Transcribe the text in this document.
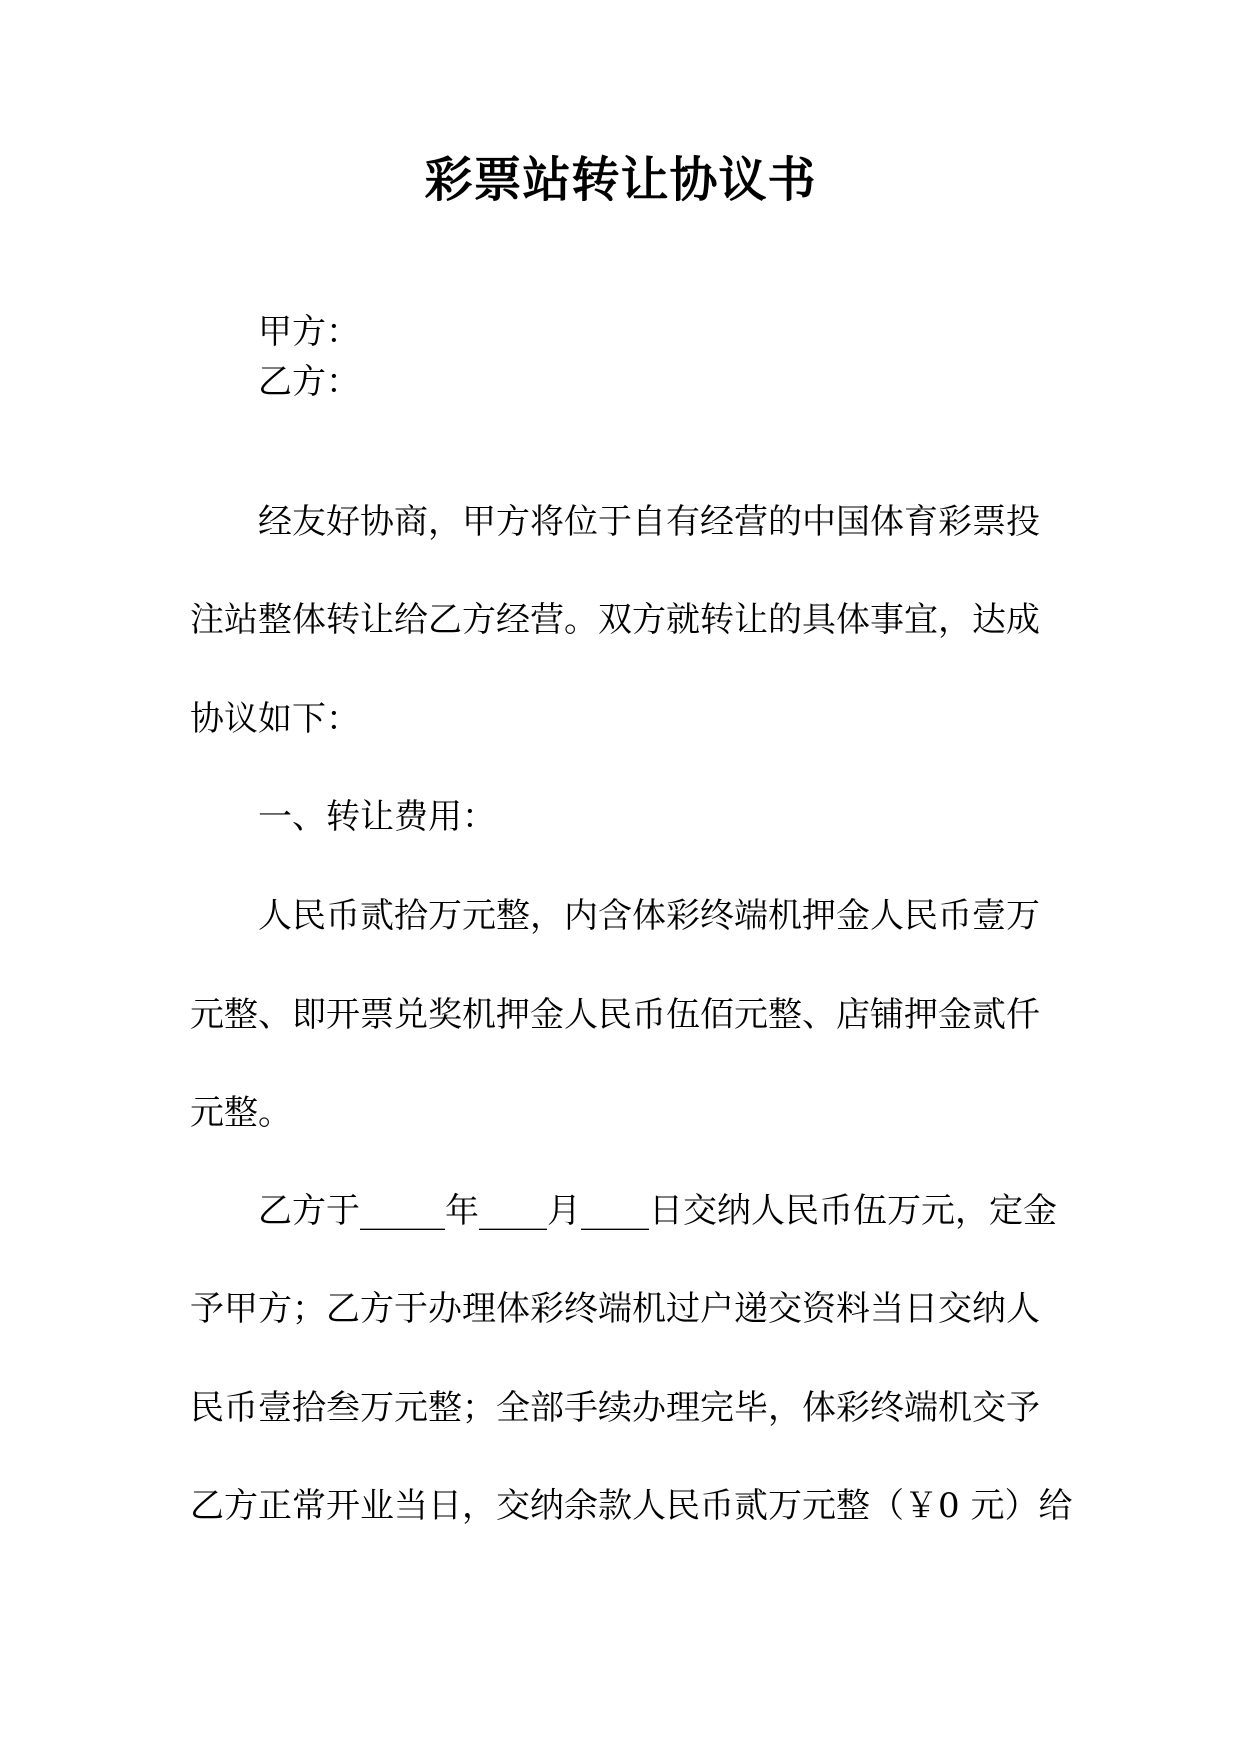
彩票站转让协议书
甲方：
乙方：
经友好协商，甲方将位于自有经营的中国体育彩票投
注站整体转让给乙方经营。双方就转让的具体事宜，达成
协议如下：
一、转让费用：
人民币贰拾万元整，内含体彩终端机押金人民币壹万
元整、即开票兑奖机押金人民币伍佰元整、店铺押金贰仟
元整。
乙方于_____年____月____日交纳人民币伍万元，定金
予甲方；乙方于办理体彩终端机过户递交资料当日交纳人
民币壹拾叁万元整；全部手续办理完毕，体彩终端机交予
乙方正常开业当日，交纳余款人民币贰万元整（￥0 元）给
